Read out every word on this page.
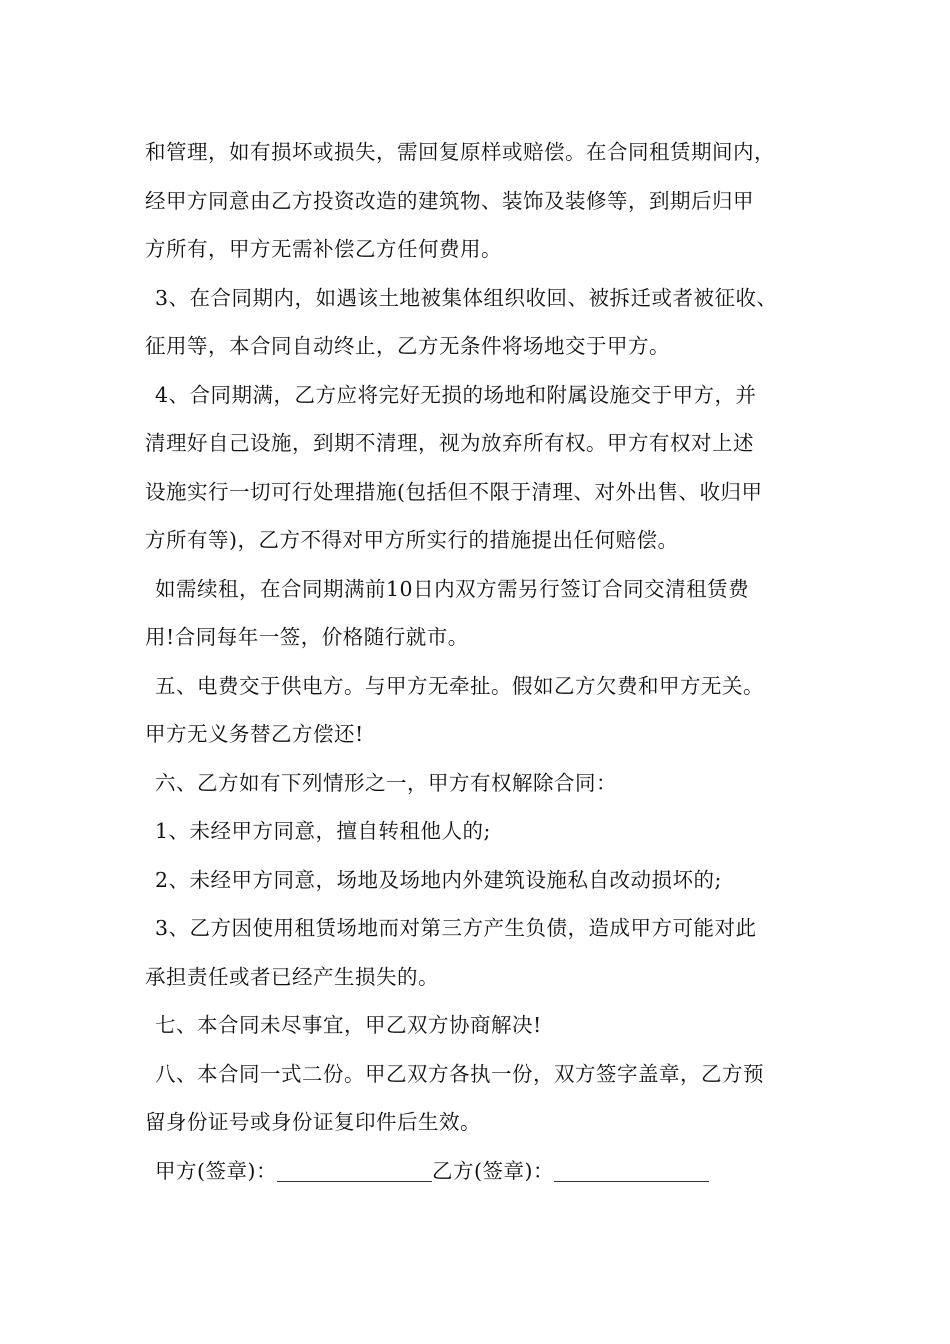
和管理，如有损坏或损失，需回复原样或赔偿。在合同租赁期间内，
经甲方同意由乙方投资改造的建筑物、装饰及装修等，到期后归甲
方所有，甲方无需补偿乙方任何费用。
3、在合同期内，如遇该土地被集体组织收回、被拆迁或者被征收、
征用等，本合同自动终止，乙方无条件将场地交于甲方。
4、合同期满，乙方应将完好无损的场地和附属设施交于甲方，并
清理好自己设施，到期不清理，视为放弃所有权。甲方有权对上述
设施实行一切可行处理措施(包括但不限于清理、对外出售、收归甲
方所有等)，乙方不得对甲方所实行的措施提出任何赔偿。
如需续租，在合同期满前10日内双方需另行签订合同交清租赁费
用!合同每年一签，价格随行就市。
五、电费交于供电方。与甲方无牵扯。假如乙方欠费和甲方无关。
甲方无义务替乙方偿还!
六、乙方如有下列情形之一，甲方有权解除合同：
1、未经甲方同意，擅自转租他人的;
2、未经甲方同意，场地及场地内外建筑设施私自改动损坏的;
3、乙方因使用租赁场地而对第三方产生负债，造成甲方可能对此
承担责任或者已经产生损失的。
七、本合同未尽事宜，甲乙双方协商解决!
八、本合同一式二份。甲乙双方各执一份，双方签字盖章，乙方预
留身份证号或身份证复印件后生效。
甲方(签章)：	乙方(签章)：
